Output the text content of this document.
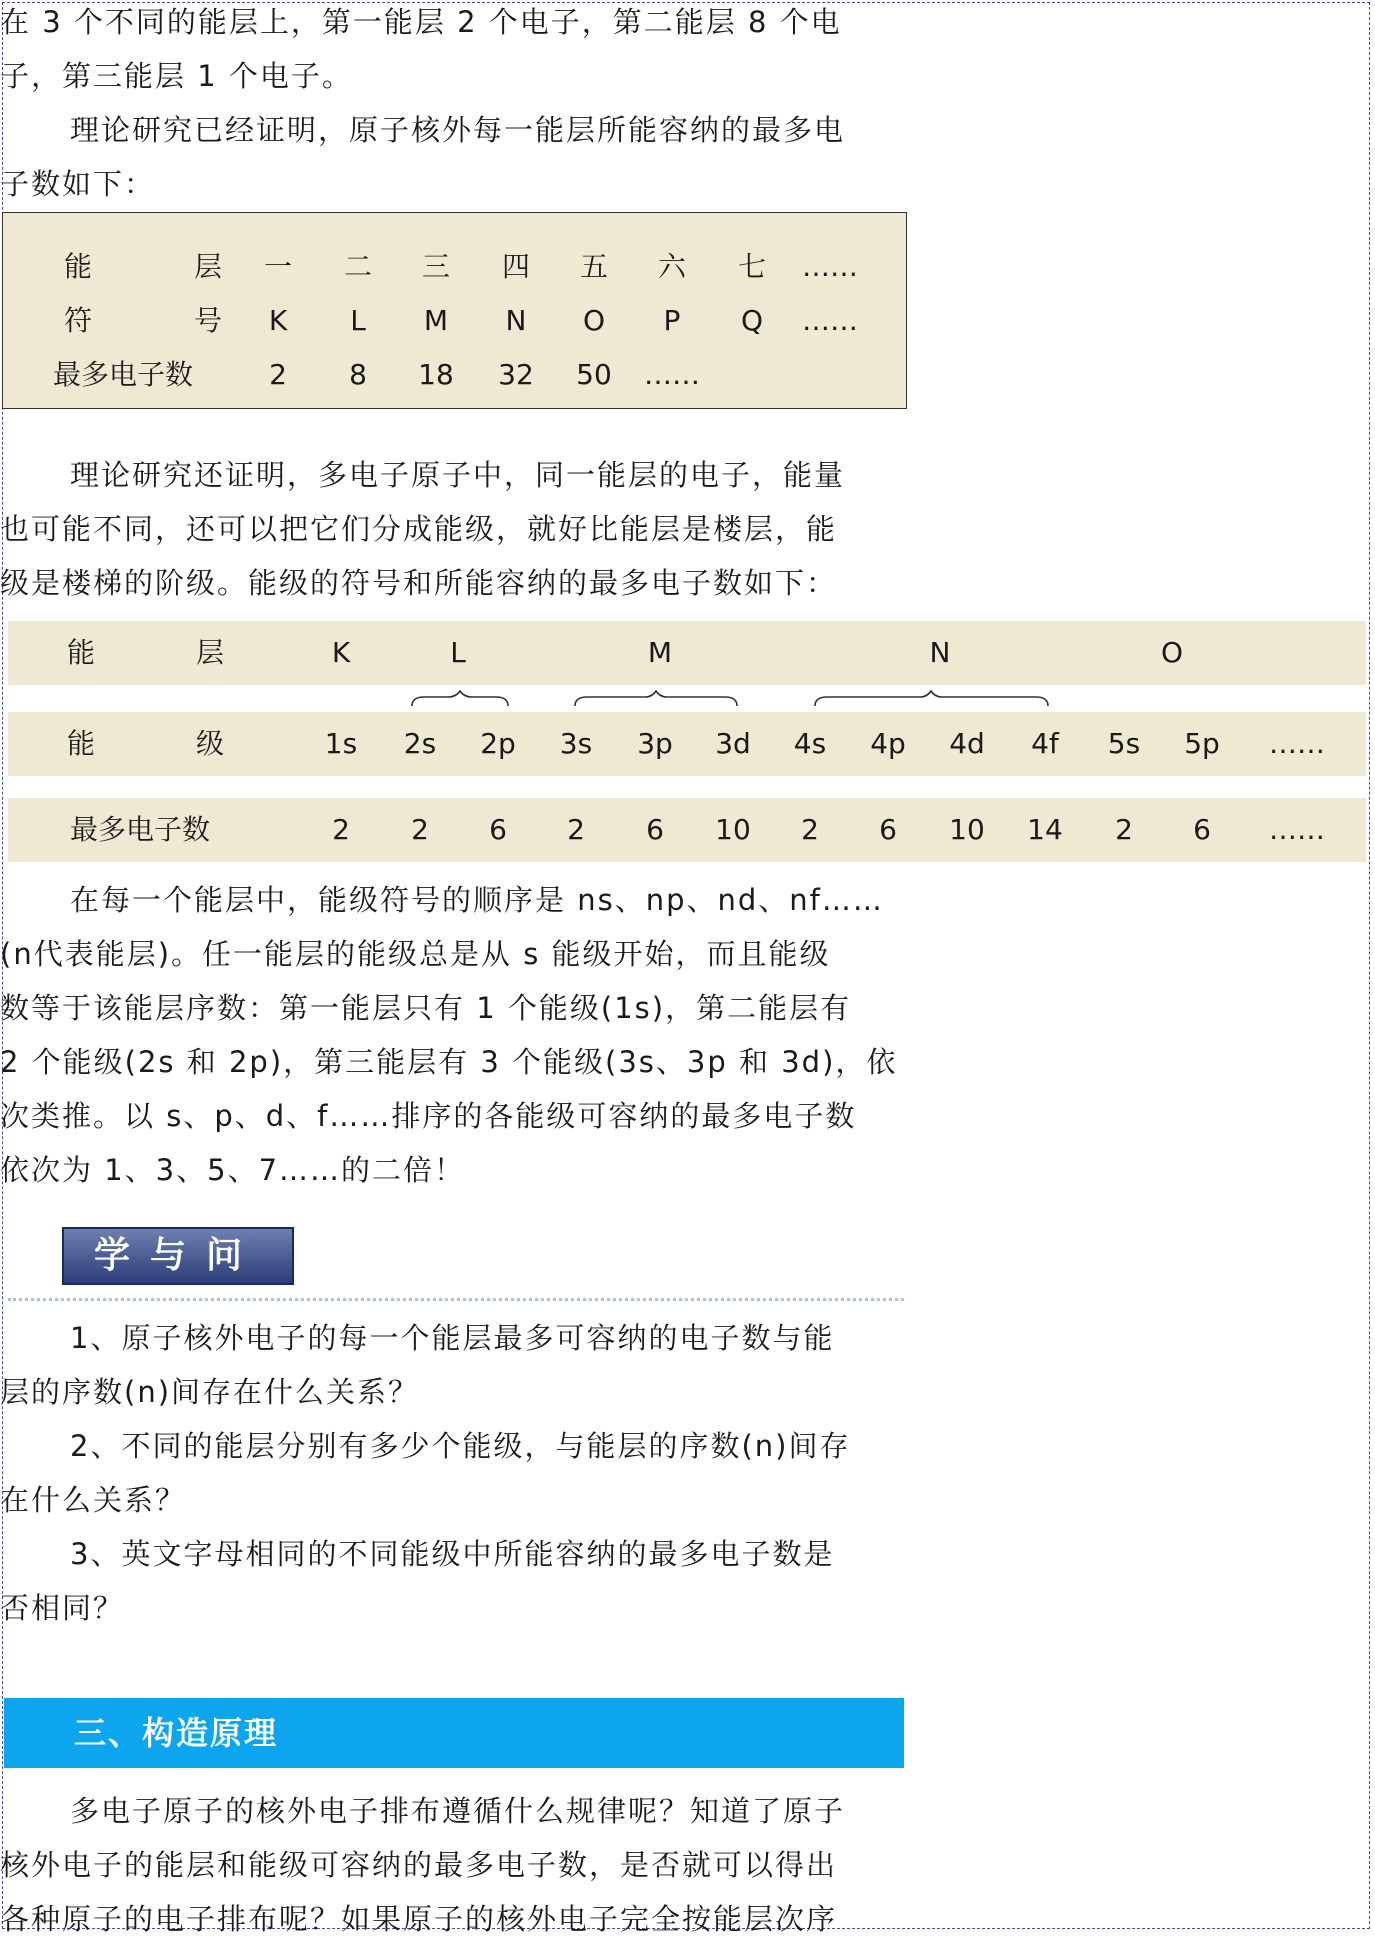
在 3 个不同的能层上，第一能层 2 个电子，第二能层 8 个电

子，第三能层 1 个电子。

理论研究已经证明，原子核外每一能层所能容纳的最多电

子数如下：

能	层	一	二	三	四	五	六	七	……
符	号	K	L	M	N	O	P	Q	……
最多电子数	2	8	18	32	50	……

理论研究还证明，多电子原子中，同一能层的电子，能量

也可能不同，还可以把它们分成能级，就好比能层是楼层，能

级是楼梯的阶级。能级的符号和所能容纳的最多电子数如下：

能	层	K	L	M	N	O
能	级	1s	2s	2p	3s	3p	3d	4s	4p	4d	4f	5s	5p	……
最多电子数	2	2	6	2	6	10	2	6	10	14	2	6	……

在每一个能层中，能级符号的顺序是 ns、np、nd、nf……

(n代表能层)。任一能层的能级总是从 s 能级开始，而且能级

数等于该能层序数：第一能层只有 1 个能级(1s)，第二能层有

2 个能级(2s 和 2p)，第三能层有 3 个能级(3s、3p 和 3d)，依

次类推。以 s、p、d、f……排序的各能级可容纳的最多电子数

依次为 1、3、5、7……的二倍！

学与问

1、原子核外电子的每一个能层最多可容纳的电子数与能

层的序数(n)间存在什么关系？

2、不同的能层分别有多少个能级，与能层的序数(n)间存

在什么关系？

3、英文字母相同的不同能级中所能容纳的最多电子数是

否相同？

三、构造原理

多电子原子的核外电子排布遵循什么规律呢？知道了原子

核外电子的能层和能级可容纳的最多电子数，是否就可以得出

各种原子的电子排布呢？如果原子的核外电子完全按能层次序
